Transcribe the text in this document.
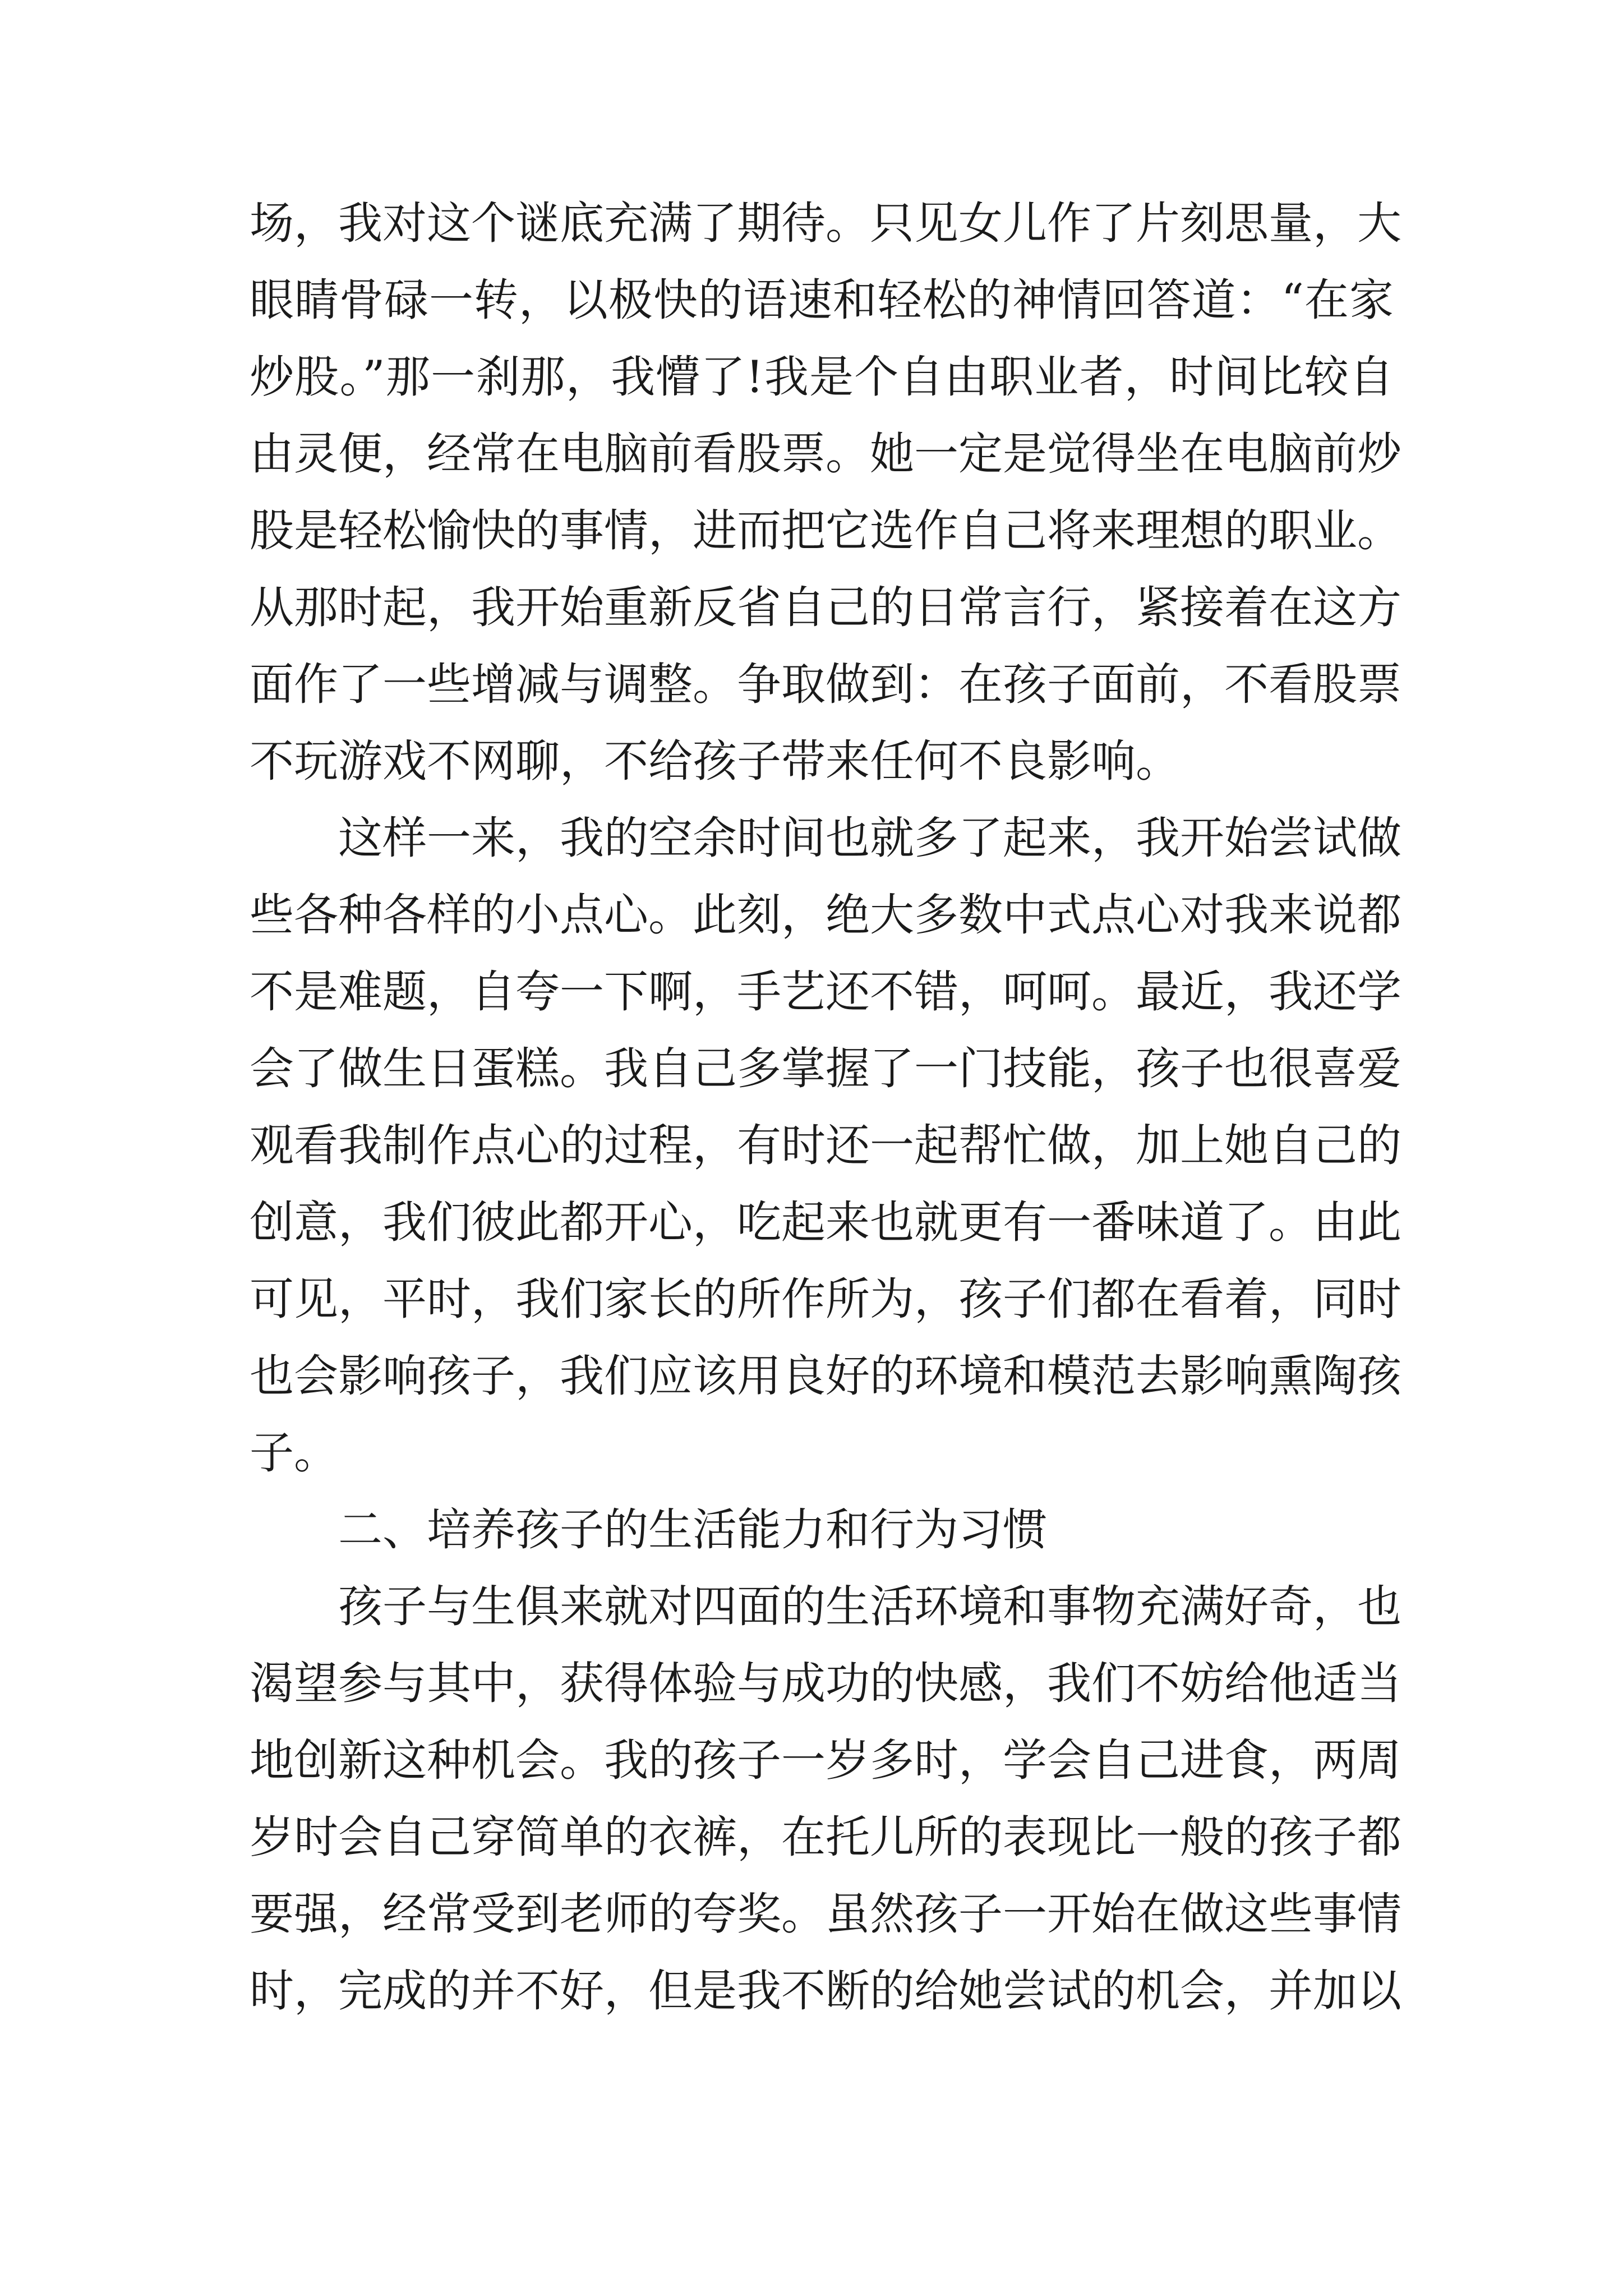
场，我对这个谜底充满了期待。只见女儿作了片刻思量，大
眼睛骨碌一转，以极快的语速和轻松的神情回答道：“在家
炒股。”那一刹那，我懵了!我是个自由职业者，时间比较自
由灵便，经常在电脑前看股票。她一定是觉得坐在电脑前炒
股是轻松愉快的事情，进而把它选作自己将来理想的职业。
从那时起，我开始重新反省自己的日常言行，紧接着在这方
面作了一些增减与调整。争取做到：在孩子面前，不看股票
不玩游戏不网聊，不给孩子带来任何不良影响。
这样一来，我的空余时间也就多了起来，我开始尝试做
些各种各样的小点心。此刻，绝大多数中式点心对我来说都
不是难题，自夸一下啊，手艺还不错，呵呵。最近，我还学
会了做生日蛋糕。我自己多掌握了一门技能，孩子也很喜爱
观看我制作点心的过程，有时还一起帮忙做，加上她自己的
创意，我们彼此都开心，吃起来也就更有一番味道了。由此
可见，平时，我们家长的所作所为，孩子们都在看着，同时
也会影响孩子，我们应该用良好的环境和模范去影响熏陶孩
子。
二、培养孩子的生活能力和行为习惯
孩子与生俱来就对四面的生活环境和事物充满好奇，也
渴望参与其中，获得体验与成功的快感，我们不妨给他适当
地创新这种机会。我的孩子一岁多时，学会自己进食，两周
岁时会自己穿简单的衣裤，在托儿所的表现比一般的孩子都
要强，经常受到老师的夸奖。虽然孩子一开始在做这些事情
时，完成的并不好，但是我不断的给她尝试的机会，并加以
